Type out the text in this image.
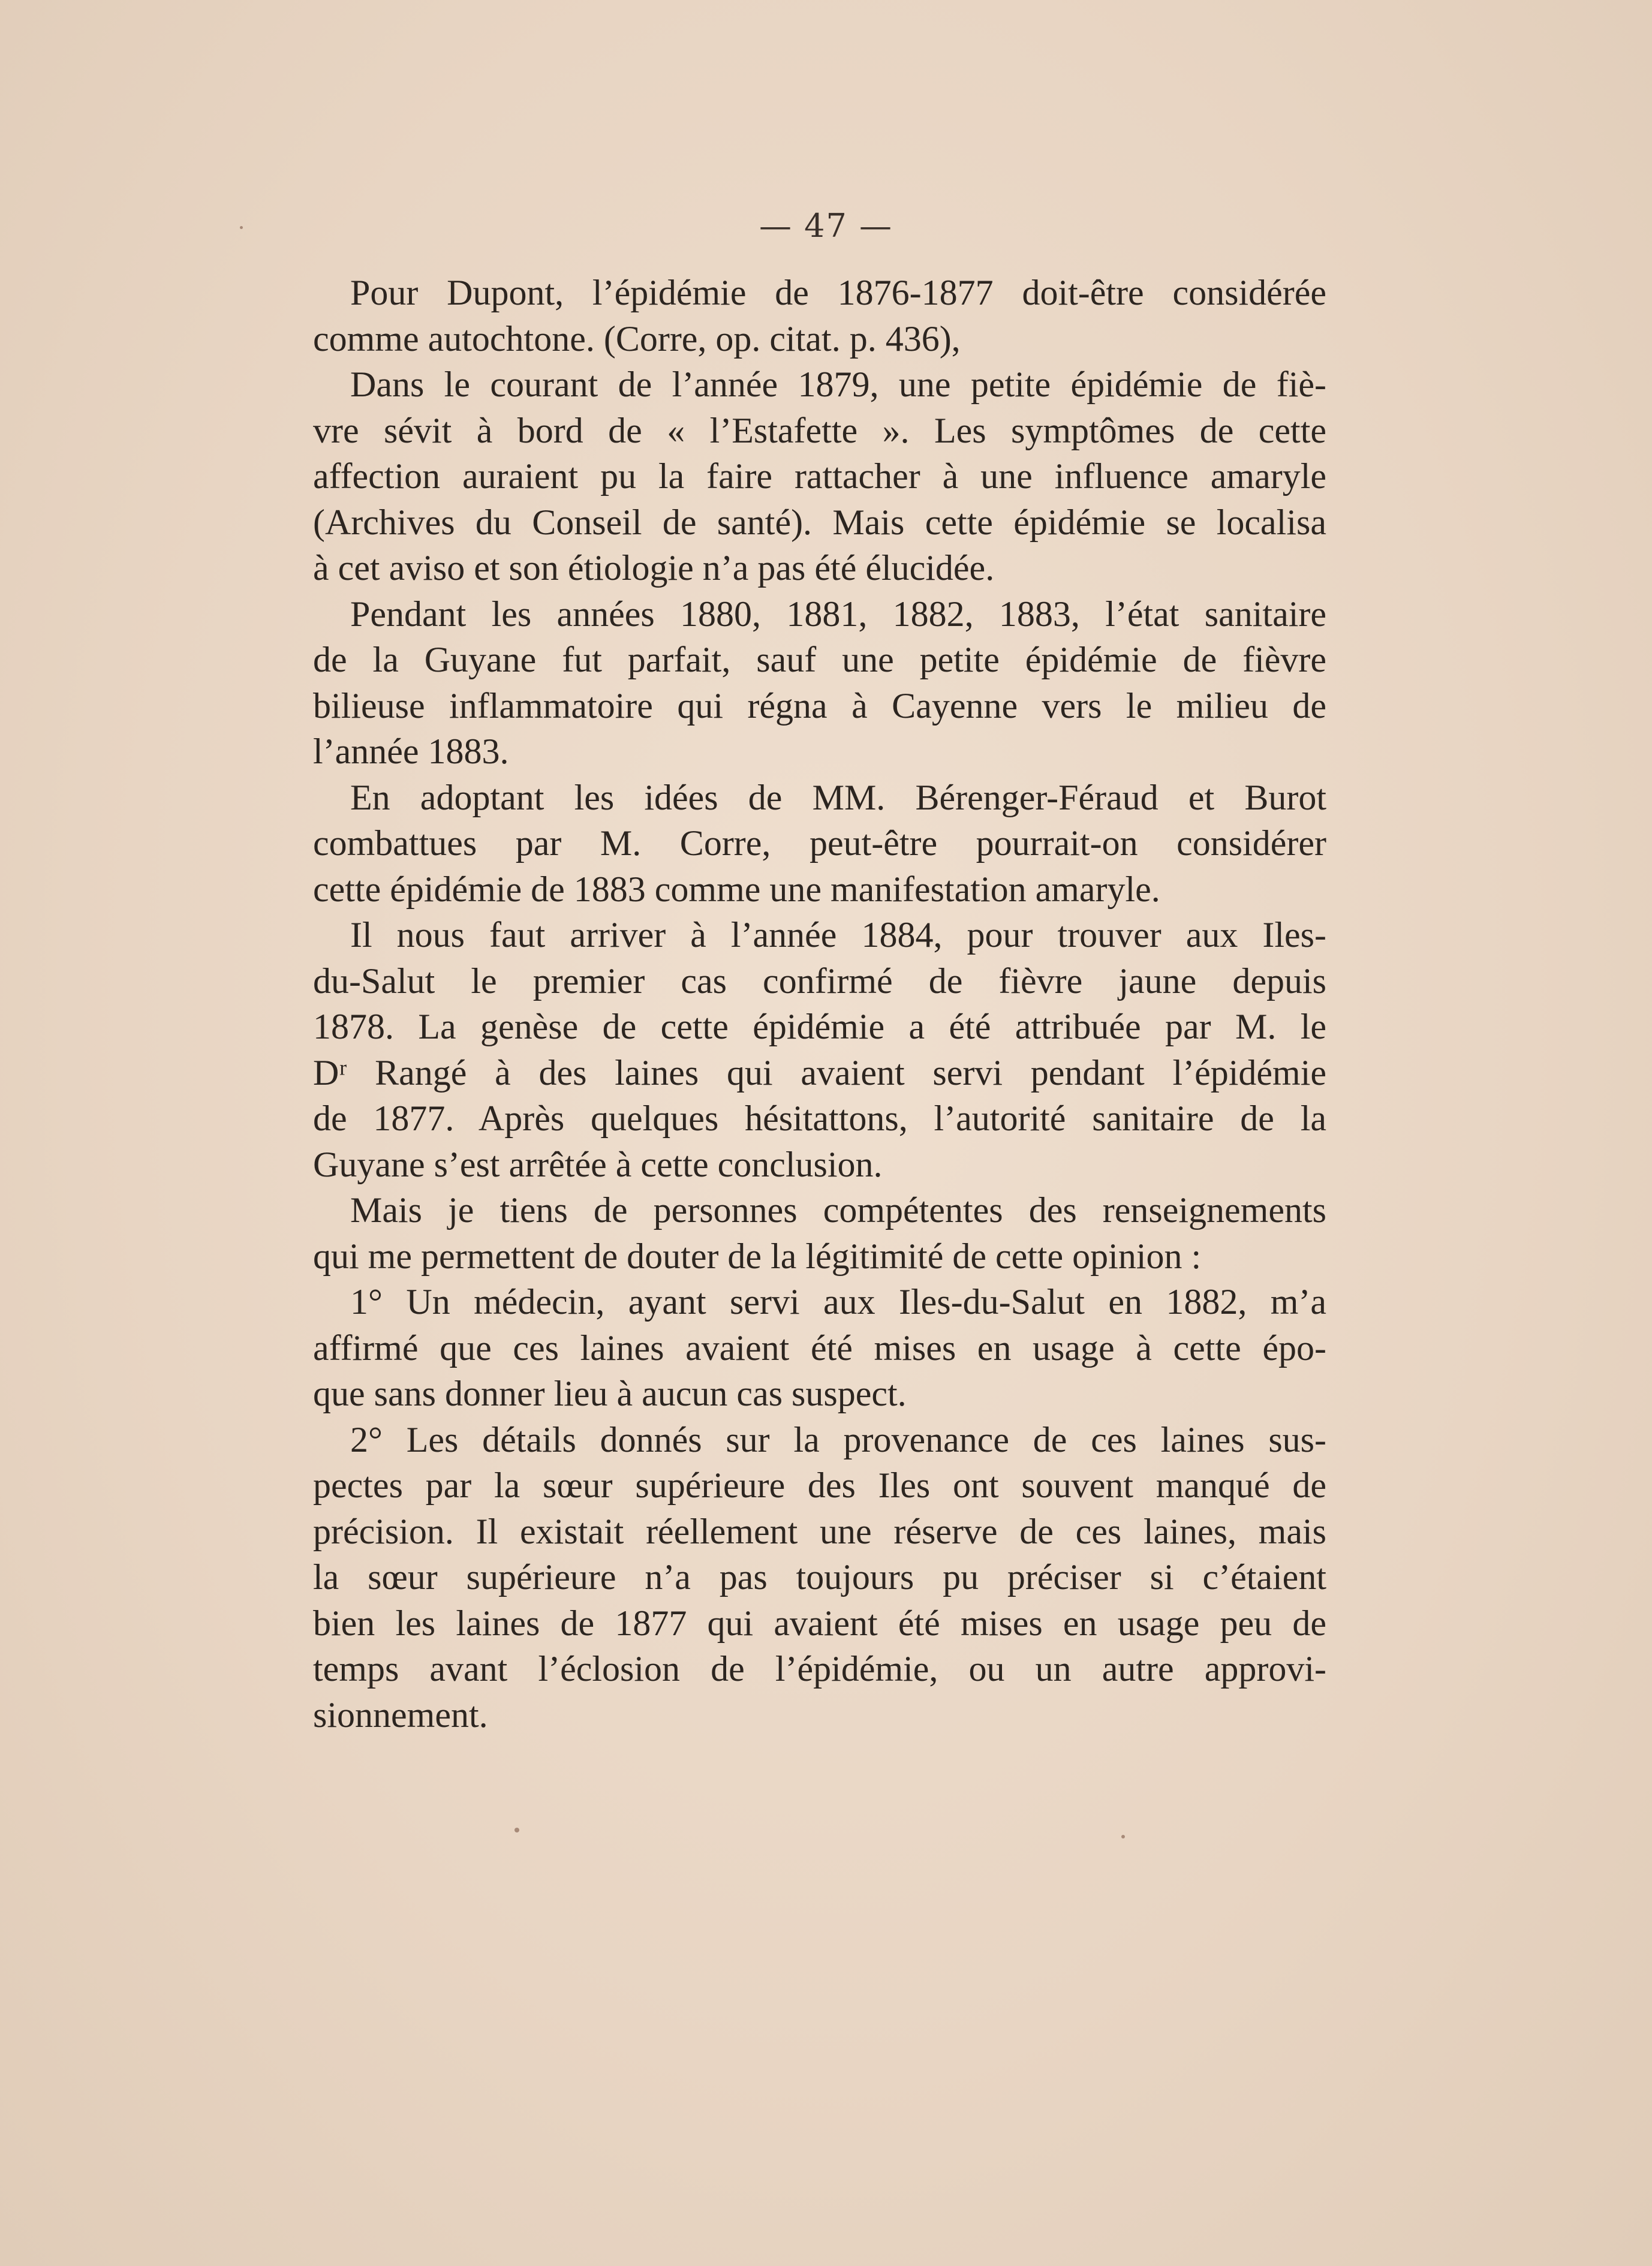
— 47 —
Pour Dupont, l’épidémie de 1876-1877 doit-être considérée
comme autochtone. (Corre, op. citat. p. 436),
Dans le courant de l’année 1879, une petite épidémie de fiè-
vre sévit à bord de « l’Estafette ». Les symptômes de cette
affection auraient pu la faire rattacher à une influence amaryle
(Archives du Conseil de santé). Mais cette épidémie se localisa
à cet aviso et son étiologie n’a pas été élucidée.
Pendant les années 1880, 1881, 1882, 1883, l’état sanitaire
de la Guyane fut parfait, sauf une petite épidémie de fièvre
bilieuse inflammatoire qui régna à Cayenne vers le milieu de
l’année 1883.
En adoptant les idées de MM. Bérenger-Féraud et Burot
combattues par M. Corre, peut-être pourrait-on considérer
cette épidémie de 1883 comme une manifestation amaryle.
Il nous faut arriver à l’année 1884, pour trouver aux Iles-
du-Salut le premier cas confirmé de fièvre jaune depuis
1878. La genèse de cette épidémie a été attribuée par M. le
Dʳ Rangé à des laines qui avaient servi pendant l’épidémie
de 1877. Après quelques hésitattons, l’autorité sanitaire de la
Guyane s’est arrêtée à cette conclusion.
Mais je tiens de personnes compétentes des renseignements
qui me permettent de douter de la légitimité de cette opinion :
1° Un médecin, ayant servi aux Iles-du-Salut en 1882, m’a
affirmé que ces laines avaient été mises en usage à cette épo-
que sans donner lieu à aucun cas suspect.
2° Les détails donnés sur la provenance de ces laines sus-
pectes par la sœur supérieure des Iles ont souvent manqué de
précision. Il existait réellement une réserve de ces laines, mais
la sœur supérieure n’a pas toujours pu préciser si c’étaient
bien les laines de 1877 qui avaient été mises en usage peu de
temps avant l’éclosion de l’épidémie, ou un autre approvi-
sionnement.
